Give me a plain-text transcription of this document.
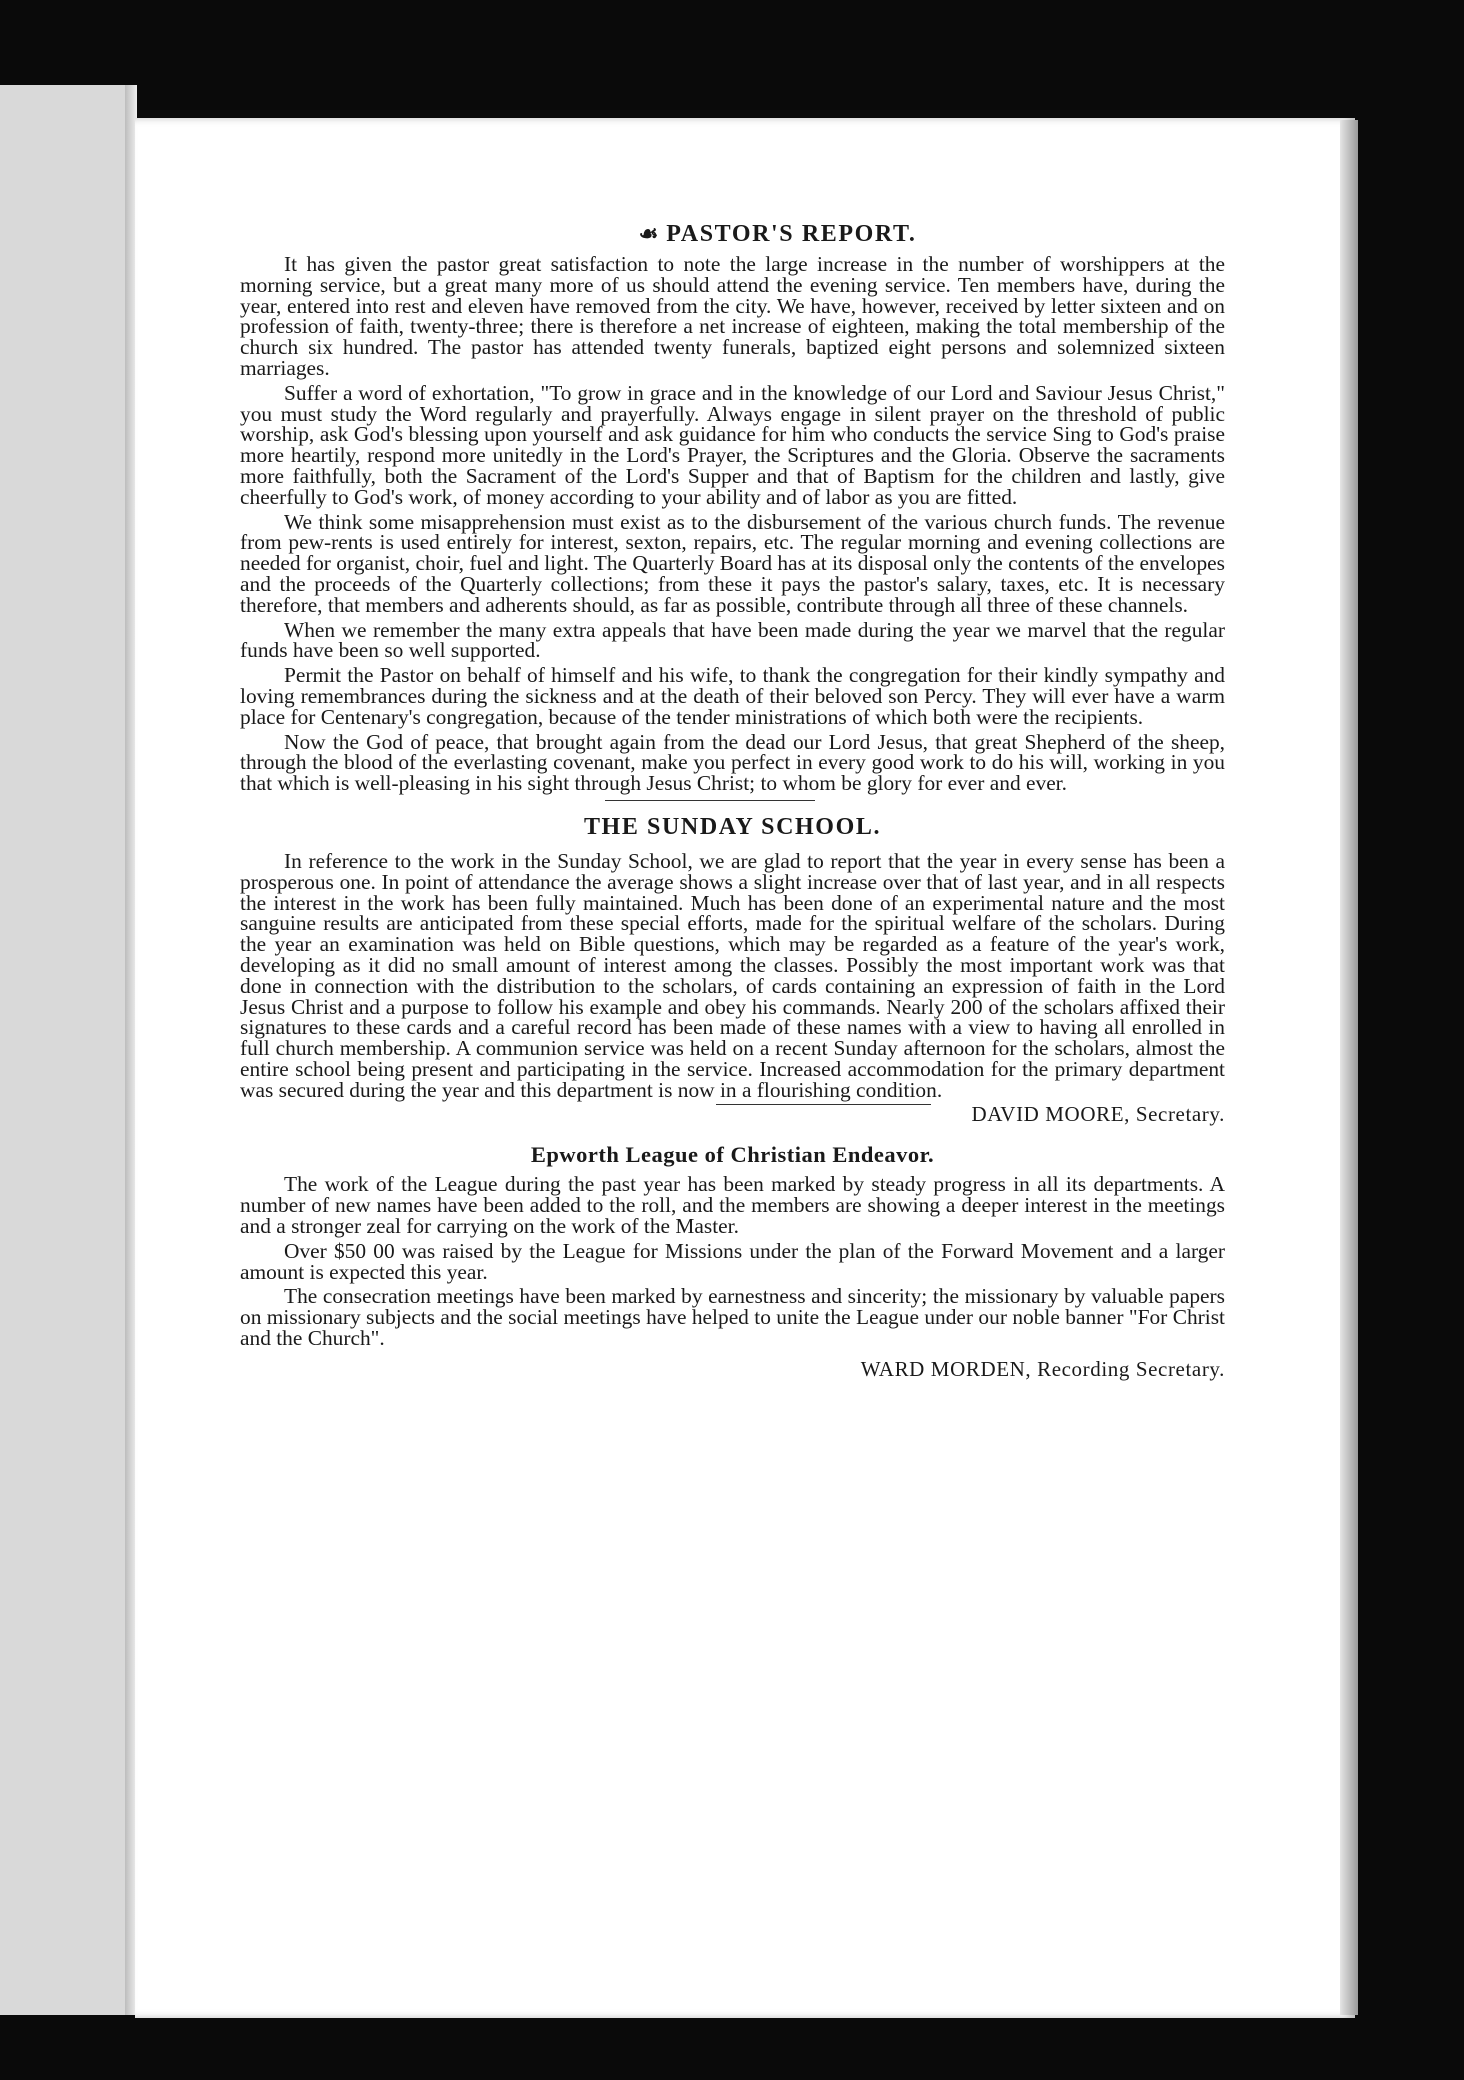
☙ PASTOR'S REPORT.

It has given the pastor great satisfaction to note the large increase in the number of worshippers at the morning service, but a great many more of us should attend the evening service. Ten members have, during the year, entered into rest and eleven have removed from the city. We have, however, received by letter sixteen and on profession of faith, twenty-three; there is therefore a net increase of eighteen, making the total membership of the church six hundred. The pastor has attended twenty funerals, baptized eight persons and solemnized sixteen marriages.

Suffer a word of exhortation, "To grow in grace and in the knowledge of our Lord and Saviour Jesus Christ," you must study the Word regularly and prayerfully. Always engage in silent prayer on the threshold of public worship, ask God's blessing upon yourself and ask guidance for him who conducts the service Sing to God's praise more heartily, respond more unitedly in the Lord's Prayer, the Scriptures and the Gloria. Observe the sacraments more faithfully, both the Sacrament of the Lord's Supper and that of Baptism for the children and lastly, give cheerfully to God's work, of money according to your ability and of labor as you are fitted.

We think some misapprehension must exist as to the disbursement of the various church funds. The revenue from pew-rents is used entirely for interest, sexton, repairs, etc. The regular morning and evening collections are needed for organist, choir, fuel and light. The Quarterly Board has at its disposal only the contents of the envelopes and the proceeds of the Quarterly collections; from these it pays the pastor's salary, taxes, etc. It is necessary therefore, that members and adherents should, as far as possible, contribute through all three of these channels.

When we remember the many extra appeals that have been made during the year we marvel that the regular funds have been so well supported.

Permit the Pastor on behalf of himself and his wife, to thank the congregation for their kindly sympathy and loving remembrances during the sickness and at the death of their beloved son Percy. They will ever have a warm place for Centenary's congregation, because of the tender ministrations of which both were the recipients.

Now the God of peace, that brought again from the dead our Lord Jesus, that great Shepherd of the sheep, through the blood of the everlasting covenant, make you perfect in every good work to do his will, working in you that which is well-pleasing in his sight through Jesus Christ; to whom be glory for ever and ever.

THE SUNDAY SCHOOL.

In reference to the work in the Sunday School, we are glad to report that the year in every sense has been a prosperous one. In point of attendance the average shows a slight increase over that of last year, and in all respects the interest in the work has been fully maintained. Much has been done of an experimental nature and the most sanguine results are anticipated from these special efforts, made for the spiritual welfare of the scholars. During the year an examination was held on Bible questions, which may be regarded as a feature of the year's work, developing as it did no small amount of interest among the classes. Possibly the most important work was that done in connection with the distribution to the scholars, of cards containing an expression of faith in the Lord Jesus Christ and a purpose to follow his example and obey his commands. Nearly 200 of the scholars affixed their signatures to these cards and a careful record has been made of these names with a view to having all enrolled in full church membership. A communion service was held on a recent Sunday afternoon for the scholars, almost the entire school being present and participating in the service. Increased accommodation for the primary department was secured during the year and this department is now in a flourishing condition.

DAVID MOORE, Secretary.
Epworth League of Christian Endeavor.

The work of the League during the past year has been marked by steady progress in all its departments. A number of new names have been added to the roll, and the members are showing a deeper interest in the meetings and a stronger zeal for carrying on the work of the Master.

Over $50 00 was raised by the League for Missions under the plan of the Forward Movement and a larger amount is expected this year.

The consecration meetings have been marked by earnestness and sincerity; the missionary by valuable papers on missionary subjects and the social meetings have helped to unite the League under our noble banner "For Christ and the Church".

WARD MORDEN, Recording Secretary.
